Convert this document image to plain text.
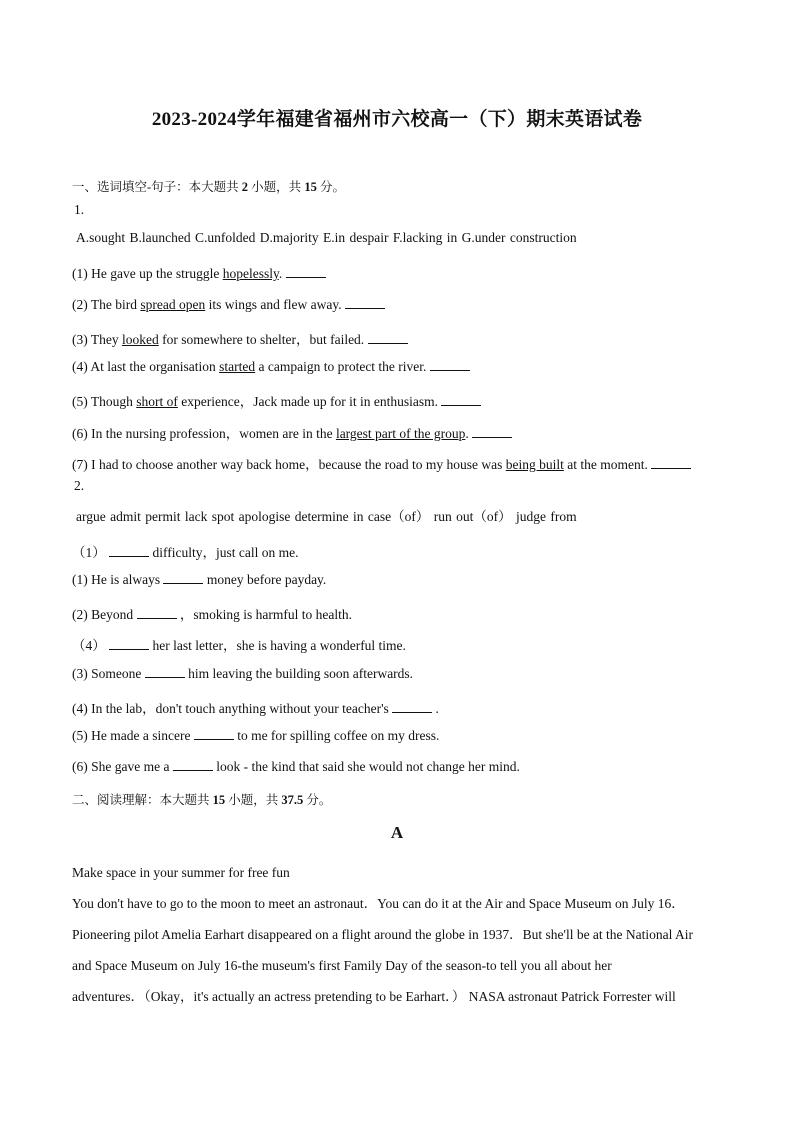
2023-2024学年福建省福州市六校高一（下）期末英语试卷
一、选词填空-句子：本大题共 2 小题，共 15 分。
1.
A.sought B.launched C.unfolded D.majority E.in despair F.lacking in G.under construction
(1) He gave up the struggle hopelessly.
(2) The bird spread open its wings and flew away.
(3) They looked for somewhere to shelter，but failed.
(4) At last the organisation started a campaign to protect the river.
(5) Though short of experience，Jack made up for it in enthusiasm.
(6) In the nursing profession，women are in the largest part of the group.
(7) I had to choose another way back home，because the road to my house was being built at the moment.
2.
argue admit permit lack spot apologise determine in case（of） run out（of） judge from
（1）	difficulty，just call on me.
(1) He is always	money before payday.
(2) Beyond	，smoking is harmful to health.
（4）	her last letter，she is having a wonderful time.
(3) Someone	him leaving the building soon afterwards.
(4) In the lab，don't touch anything without your teacher's	.
(5) He made a sincere	to me for spilling coffee on my dress.
(6) She gave me a	look - the kind that said she would not change her mind.
二、阅读理解：本大题共 15 小题，共 37.5 分。
A

Make space in your summer for free fun

You don't have to go to the moon to meet an astronaut．You can do it at the Air and Space Museum on July 16．

Pioneering pilot Amelia Earhart disappeared on a flight around the globe in 1937．But she'll be at the National Air

and Space Museum on July 16-the museum's first Family Day of the season-to tell you all about her

adventures．（Okay，it's actually an actress pretending to be Earhart．） NASA astronaut Patrick Forrester will
